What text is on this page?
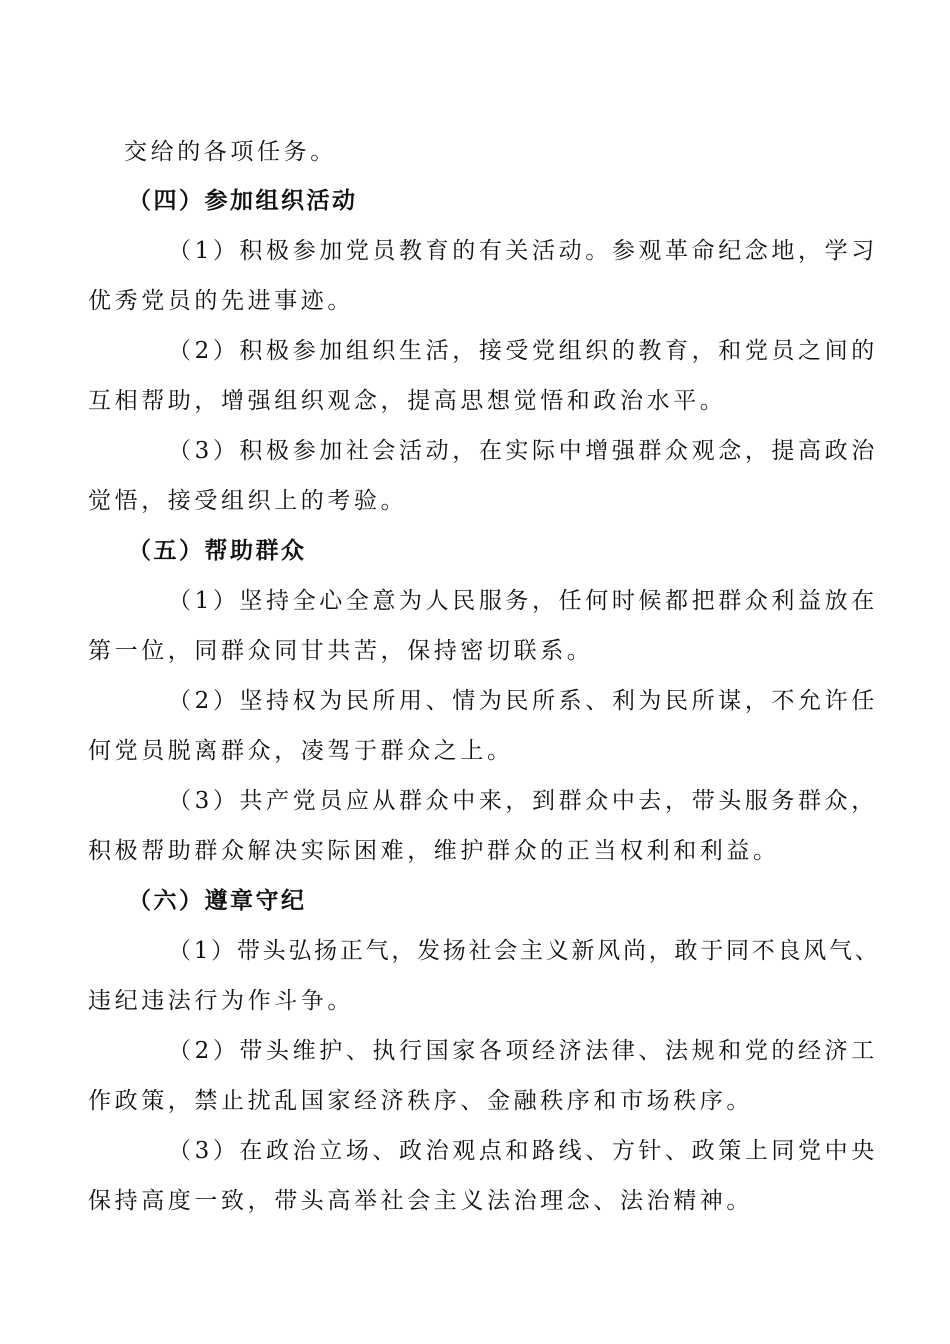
交给的各项任务。
（四）参加组织活动
（1）积极参加党员教育的有关活动。参观革命纪念地，学习
优秀党员的先进事迹。
（2）积极参加组织生活，接受党组织的教育，和党员之间的
互相帮助，增强组织观念，提高思想觉悟和政治水平。
（3）积极参加社会活动，在实际中增强群众观念，提高政治
觉悟，接受组织上的考验。
（五）帮助群众
（1）坚持全心全意为人民服务，任何时候都把群众利益放在
第一位，同群众同甘共苦，保持密切联系。
（2）坚持权为民所用、情为民所系、利为民所谋，不允许任
何党员脱离群众，凌驾于群众之上。
（3）共产党员应从群众中来，到群众中去，带头服务群众，
积极帮助群众解决实际困难，维护群众的正当权利和利益。
（六）遵章守纪
（1）带头弘扬正气，发扬社会主义新风尚，敢于同不良风气、
违纪违法行为作斗争。
（2）带头维护、执行国家各项经济法律、法规和党的经济工
作政策，禁止扰乱国家经济秩序、金融秩序和市场秩序。
（3）在政治立场、政治观点和路线、方针、政策上同党中央
保持高度一致，带头高举社会主义法治理念、法治精神。
